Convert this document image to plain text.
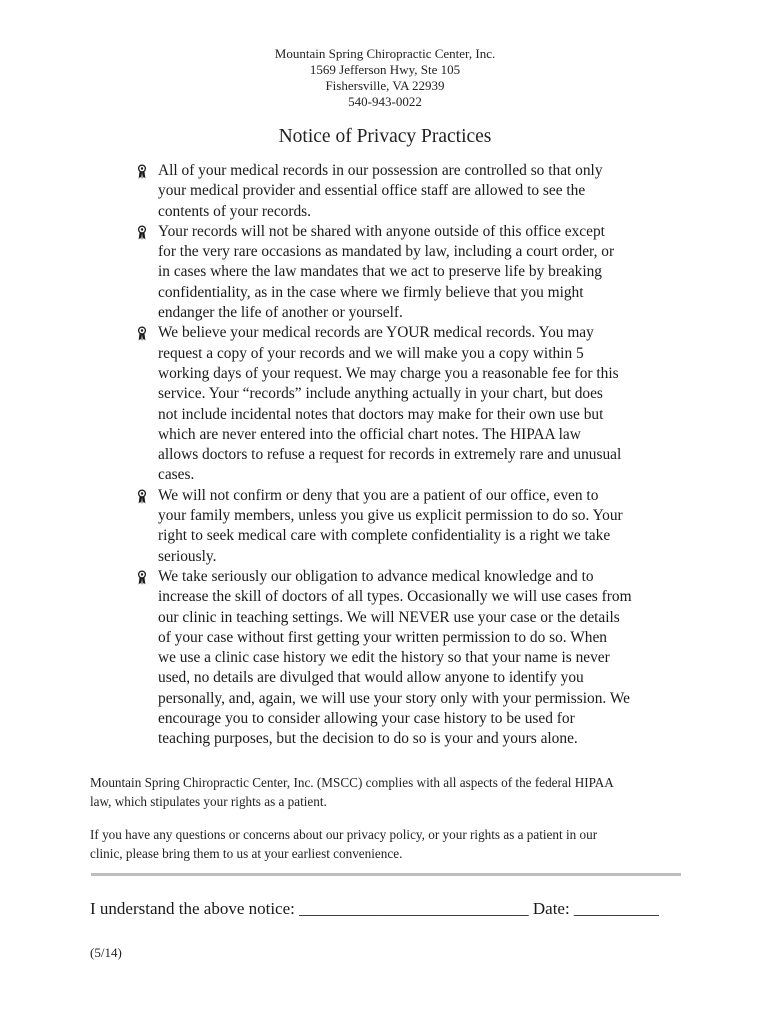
Mountain Spring Chiropractic Center, Inc.
1569 Jefferson Hwy, Ste 105
Fishersville, VA 22939
540-943-0022
Notice of Privacy Practices
All of your medical records in our possession are controlled so that only
your medical provider and essential office staff are allowed to see the
contents of your records.
Your records will not be shared with anyone outside of this office except
for the very rare occasions as mandated by law, including a court order, or
in cases where the law mandates that we act to preserve life by breaking
confidentiality, as in the case where we firmly believe that you might
endanger the life of another or yourself.
We believe your medical records are YOUR medical records. You may
request a copy of your records and we will make you a copy within 5
working days of your request. We may charge you a reasonable fee for this
service. Your “records” include anything actually in your chart, but does
not include incidental notes that doctors may make for their own use but
which are never entered into the official chart notes. The HIPAA law
allows doctors to refuse a request for records in extremely rare and unusual
cases.
We will not confirm or deny that you are a patient of our office, even to
your family members, unless you give us explicit permission to do so. Your
right to seek medical care with complete confidentiality is a right we take
seriously.
We take seriously our obligation to advance medical knowledge and to
increase the skill of doctors of all types. Occasionally we will use cases from
our clinic in teaching settings. We will NEVER use your case or the details
of your case without first getting your written permission to do so. When
we use a clinic case history we edit the history so that your name is never
used, no details are divulged that would allow anyone to identify you
personally, and, again, we will use your story only with your permission. We
encourage you to consider allowing your case history to be used for
teaching purposes, but the decision to do so is your and yours alone.
Mountain Spring Chiropractic Center, Inc. (MSCC) complies with all aspects of the federal HIPAA
law, which stipulates your rights as a patient.
If you have any questions or concerns about our privacy policy, or your rights as a patient in our
clinic, please bring them to us at your earliest convenience.
I understand the above notice: ___________________________ Date: __________
(5/14)
